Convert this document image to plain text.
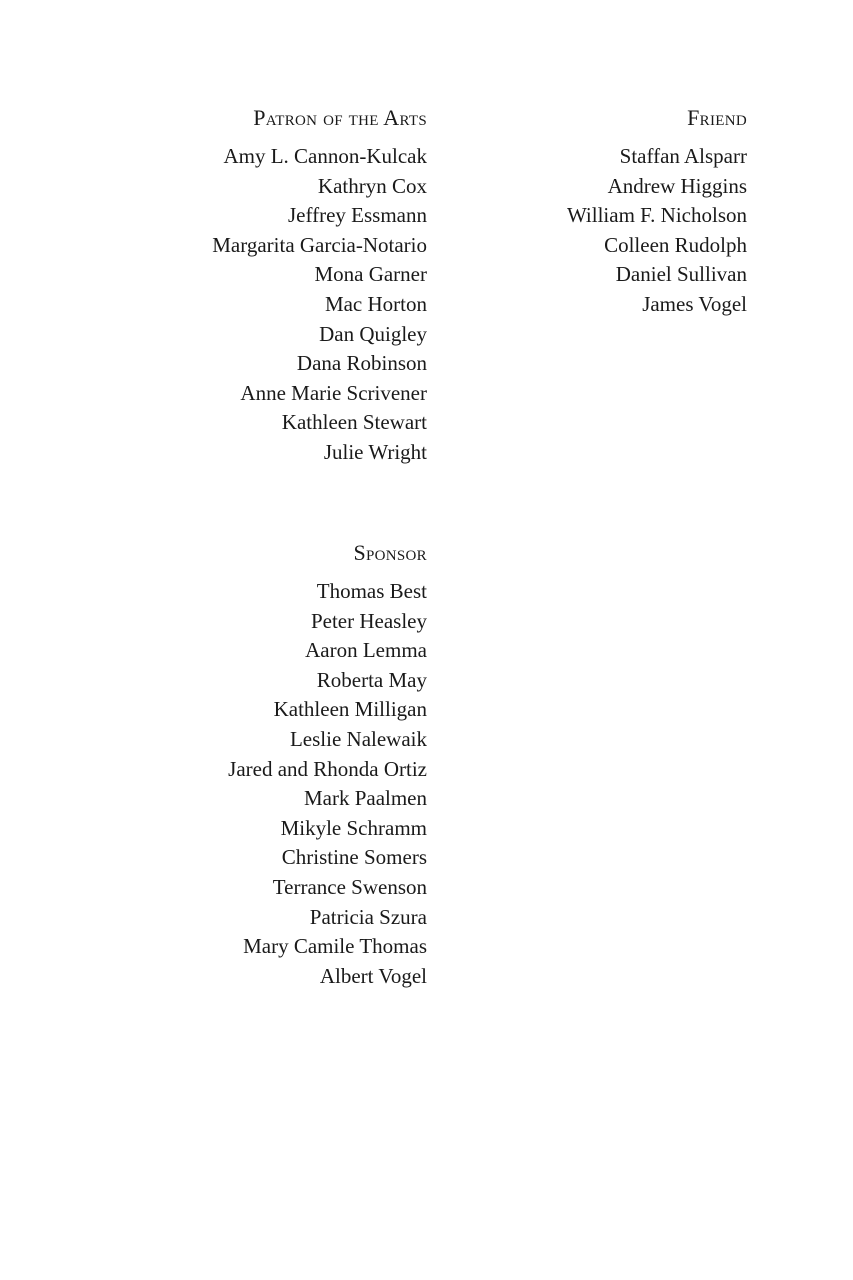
Patron of the Arts
Amy L. Cannon-Kulcak
Kathryn Cox
Jeffrey Essmann
Margarita Garcia-Notario
Mona Garner
Mac Horton
Dan Quigley
Dana Robinson
Anne Marie Scrivener
Kathleen Stewart
Julie Wright
Friend
Staffan Alsparr
Andrew Higgins
William F. Nicholson
Colleen Rudolph
Daniel Sullivan
James Vogel
Sponsor
Thomas Best
Peter Heasley
Aaron Lemma
Roberta May
Kathleen Milligan
Leslie Nalewaik
Jared and Rhonda Ortiz
Mark Paalmen
Mikyle Schramm
Christine Somers
Terrance Swenson
Patricia Szura
Mary Camile Thomas
Albert Vogel
